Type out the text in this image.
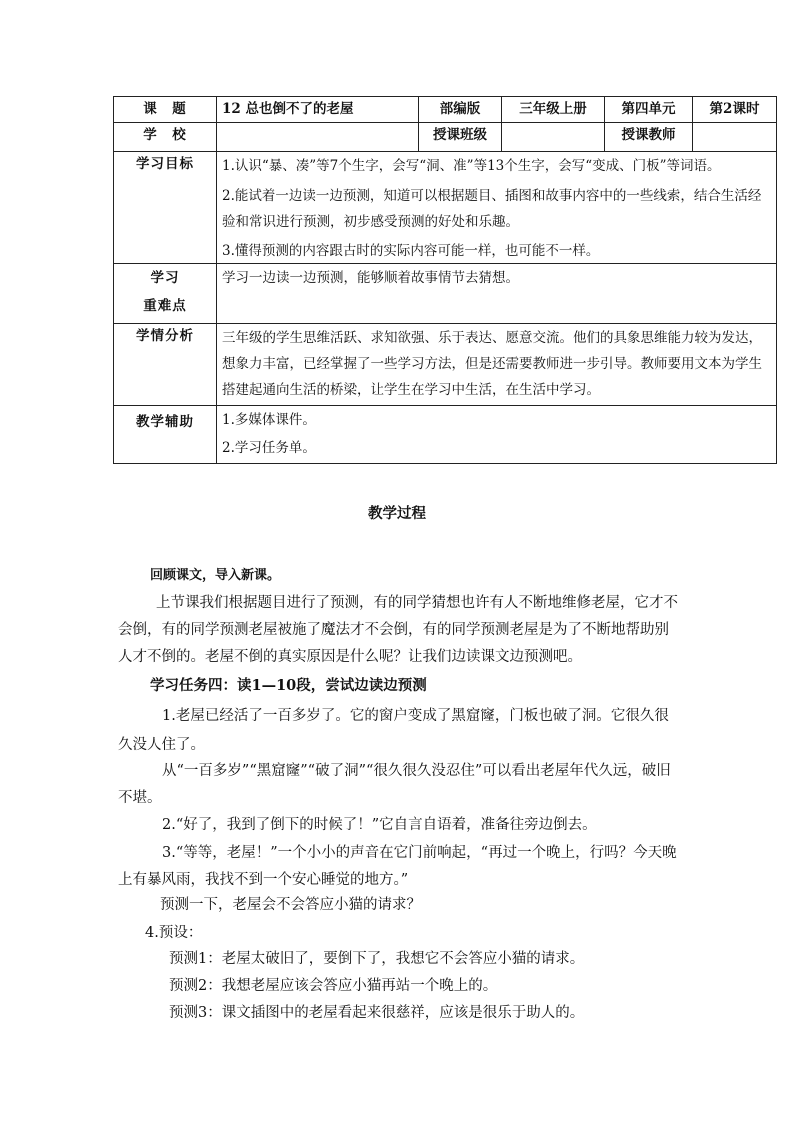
课　题	12 总也倒不了的老屋	部编版	三年级上册	第四单元	第2课时
学　校		授课班级		授课教师	
学习目标	1.认识“暴、凑”等7个生字，会写“洞、准”等13个生字，会写“变成、门板”等词语。

2.能试着一边读一边预测，知道可以根据题目、插图和故事内容中的一些线索，结合生活经验和常识进行预测，初步感受预测的好处和乐趣。

3.懂得预测的内容跟古时的实际内容可能一样，也可能不一样。				

学习
重难点	学习一边读一边预测，能够顺着故事情节去猜想。				
学情分析	三年级的学生思维活跃、求知欲强、乐于表达、愿意交流。他们的具象思维能力较为发达，想象力丰富，已经掌握了一些学习方法，但是还需要教师进一步引导。教师要用文本为学生搭建起通向生活的桥梁，让学生在学习中生活，在生活中学习。				
教学辅助	1.多媒体课件。
2.学习任务单。				
教学过程

回顾课文，导入新课。

上节课我们根据题目进行了预测，有的同学猜想也许有人不断地维修老屋，它才不会倒，有的同学预测老屋被施了魔法才不会倒，有的同学预测老屋是为了不断地帮助别人才不倒的。老屋不倒的真实原因是什么呢？让我们边读课文边预测吧。

学习任务四：读1—10段，尝试边读边预测

1.老屋已经活了一百多岁了。它的窗户变成了黑窟窿，门板也破了洞。它很久很久没人住了。

从“一百多岁”“黑窟窿”“破了洞”“很久很久没忍住”可以看出老屋年代久远，破旧不堪。

2.“好了，我到了倒下的时候了！”它自言自语着，准备往旁边倒去。

3.“等等，老屋！”一个小小的声音在它门前响起，“再过一个晚上，行吗？今天晚上有暴风雨，我找不到一个安心睡觉的地方。”

预测一下，老屋会不会答应小猫的请求？

4.预设：

预测1：老屋太破旧了，要倒下了，我想它不会答应小猫的请求。

预测2：我想老屋应该会答应小猫再站一个晚上的。

预测3：课文插图中的老屋看起来很慈祥，应该是很乐于助人的。
